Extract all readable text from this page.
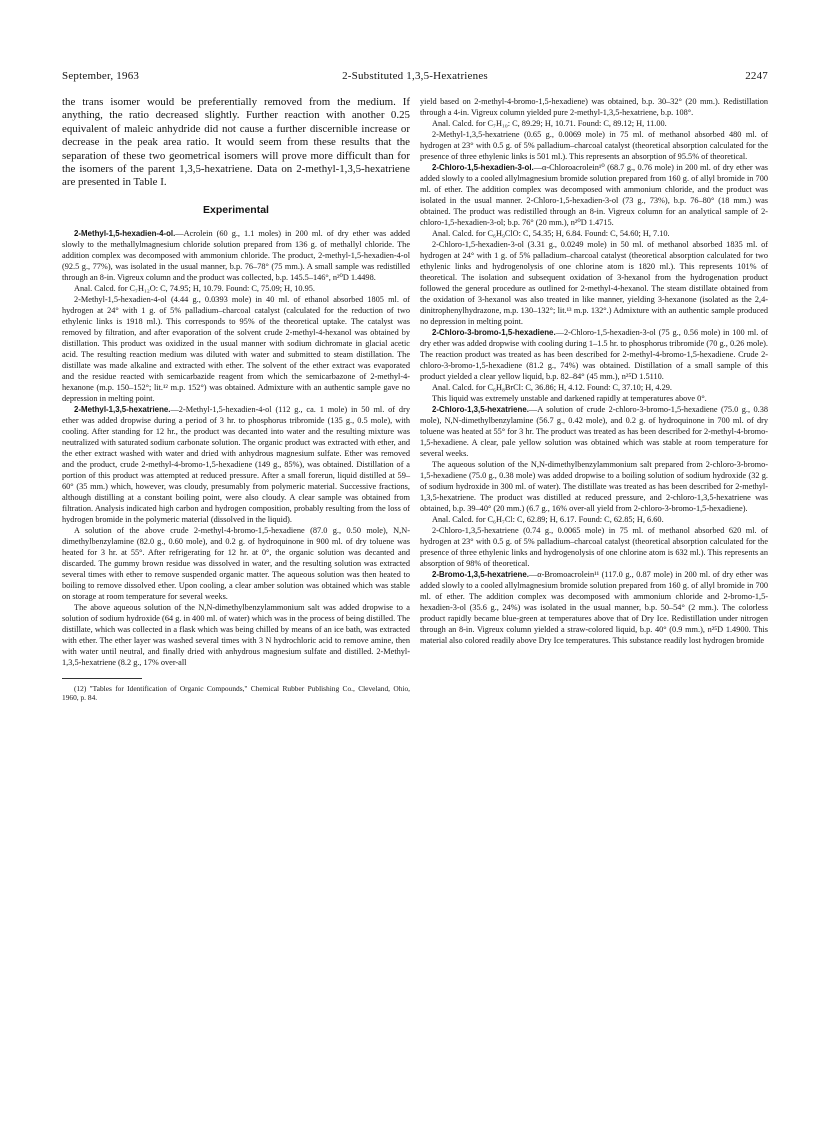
September, 1963	2-Substituted 1,3,5-Hexatrienes	2247

the trans isomer would be preferentially removed from the medium. If anything, the ratio decreased slightly. Further reaction with another 0.25 equivalent of maleic anhydride did not cause a further discernible increase or decrease in the peak area ratio. It would seem from these results that the separation of these two geometrical isomers will prove more difficult than for the isomers of the parent 1,3,5-hexatriene. Data on 2-methyl-1,3,5-hexatriene are presented in Table I.

Experimental

2-Methyl-1,5-hexadien-4-ol.—Acrolein (60 g., 1.1 moles) in 200 ml. of dry ether was added slowly to the methallylmagnesium chloride solution prepared from 136 g. of methallyl chloride. The addition complex was decomposed with ammonium chloride. The product, 2-methyl-1,5-hexadien-4-ol (92.5 g., 77%), was isolated in the usual manner, b.p. 76–78° (75 mm.). A small sample was redistilled through an 8-in. Vigreux column and the product was collected, b.p. 145.5–146°, n²⁰D 1.4498.

Anal. Calcd. for C₇H₁₂O: C, 74.95; H, 10.79. Found: C, 75.09; H, 10.95.

2-Methyl-1,5-hexadien-4-ol (4.44 g., 0.0393 mole) in 40 ml. of ethanol absorbed 1805 ml. of hydrogen at 24° with 1 g. of 5% palladium–charcoal catalyst (calculated for the reduction of two ethylenic links is 1918 ml.). This corresponds to 95% of the theoretical uptake. The catalyst was removed by filtration, and after evaporation of the solvent crude 2-methyl-4-hexanol was obtained by distillation. This product was oxidized in the usual manner with sodium dichromate in glacial acetic acid. The resulting reaction medium was diluted with water and submitted to steam distillation. The distillate was made alkaline and extracted with ether. The solvent of the ether extract was evaporated and the residue reacted with semicarbazide reagent from which the semicarbazone of 2-methyl-4-hexanone (m.p. 150–152°; lit.¹² m.p. 152°) was obtained. Admixture with an authentic sample gave no depression in melting point.

2-Methyl-1,3,5-hexatriene.—2-Methyl-1,5-hexadien-4-ol (112 g., ca. 1 mole) in 50 ml. of dry ether was added dropwise during a period of 3 hr. to phosphorus tribromide (135 g., 0.5 mole), with cooling. After standing for 12 hr., the product was decanted into water and the resulting mixture was neutralized with saturated sodium carbonate solution. The organic product was extracted with ether, and the ether extract washed with water and dried with anhydrous magnesium sulfate. Ether was removed and the product, crude 2-methyl-4-bromo-1,5-hexadiene (149 g., 85%), was obtained. Distillation of a portion of this product was attempted at reduced pressure. After a small forerun, liquid distilled at 59–60° (35 mm.) which, however, was cloudy, presumably from polymeric material. Successive fractions, although distilling at a constant boiling point, were also cloudy. A clear sample was obtained from filtration. Analysis indicated high carbon and hydrogen composition, probably resulting from the loss of hydrogen bromide in the polymeric material (dissolved in the liquid).

A solution of the above crude 2-methyl-4-bromo-1,5-hexadiene (87.0 g., 0.50 mole), N,N-dimethylbenzylamine (82.0 g., 0.60 mole), and 0.2 g. of hydroquinone in 900 ml. of dry toluene was heated for 3 hr. at 55°. After refrigerating for 12 hr. at 0°, the organic solution was decanted and discarded. The gummy brown residue was dissolved in water, and the resulting solution was extracted several times with ether to remove suspended organic matter. The aqueous solution was then heated to boiling to remove dissolved ether. Upon cooling, a clear amber solution was obtained which was stable on storage at room temperature for several weeks.

The above aqueous solution of the N,N-dimethylbenzylammonium salt was added dropwise to a solution of sodium hydroxide (64 g. in 400 ml. of water) which was in the process of being distilled. The distillate, which was collected in a flask which was being chilled by means of an ice bath, was extracted with ether. The ether layer was washed several times with 3 N hydrochloric acid to remove amine, then with water until neutral, and finally dried with anhydrous magnesium sulfate and distilled. 2-Methyl-1,3,5-hexatriene (8.2 g., 17% over-all

(12) "Tables for Identification of Organic Compounds," Chemical Rubber Publishing Co., Cleveland, Ohio, 1960, p. 84.

yield based on 2-methyl-4-bromo-1,5-hexadiene) was obtained, b.p. 30–32° (20 mm.). Redistillation through a 4-in. Vigreux column yielded pure 2-methyl-1,3,5-hexatriene, b.p. 108°.

Anal. Calcd. for C₇H₁₀: C, 89.29; H, 10.71. Found: C, 89.12; H, 11.00.

2-Methyl-1,3,5-hexatriene (0.65 g., 0.0069 mole) in 75 ml. of methanol absorbed 480 ml. of hydrogen at 23° with 0.5 g. of 5% palladium–charcoal catalyst (theoretical absorption calculated for the presence of three ethylenic links is 501 ml.). This represents an absorption of 95.5% of theoretical.

2-Chloro-1,5-hexadien-3-ol.—α-Chloroacrolein¹⁰ (68.7 g., 0.76 mole) in 200 ml. of dry ether was added slowly to a cooled allylmagnesium bromide solution prepared from 160 g. of allyl bromide in 700 ml. of ether. The addition complex was decomposed with ammonium chloride, and the product was isolated in the usual manner. 2-Chloro-1,5-hexadien-3-ol (73 g., 73%), b.p. 76–80° (18 mm.) was obtained. The product was redistilled through an 8-in. Vigreux column for an analytical sample of 2-chloro-1,5-hexadien-3-ol; b.p. 76° (20 mm.), n²⁰D 1.4715.

Anal. Calcd. for C₆H₉ClO: C, 54.35; H, 6.84. Found: C, 54.60; H, 7.10.

2-Chloro-1,5-hexadien-3-ol (3.31 g., 0.0249 mole) in 50 ml. of methanol absorbed 1835 ml. of hydrogen at 24° with 1 g. of 5% palladium–charcoal catalyst (theoretical absorption calculated for two ethylenic links and hydrogenolysis of one chlorine atom is 1820 ml.). This represents 101% of theoretical. The isolation and subsequent oxidation of 3-hexanol from the hydrogenation product followed the general procedure as outlined for 2-methyl-4-hexanol. The steam distillate obtained from the oxidation of 3-hexanol was also treated in like manner, yielding 3-hexanone (isolated as the 2,4-dinitrophenylhydrazone, m.p. 130–132°; lit.¹³ m.p. 132°.) Admixture with an authentic sample produced no depression in melting point.

2-Chloro-3-bromo-1,5-hexadiene.—2-Chloro-1,5-hexadien-3-ol (75 g., 0.56 mole) in 100 ml. of dry ether was added dropwise with cooling during 1–1.5 hr. to phosphorus tribromide (70 g., 0.26 mole). The reaction product was treated as has been described for 2-methyl-4-bromo-1,5-hexadiene. Crude 2-chloro-3-bromo-1,5-hexadiene (81.2 g., 74%) was obtained. Distillation of a small sample of this product yielded a clear yellow liquid, b.p. 82–84° (45 mm.), n²⁵D 1.5110.

Anal. Calcd. for C₆H₈BrCl: C, 36.86; H, 4.12. Found: C, 37.10; H, 4.29.

This liquid was extremely unstable and darkened rapidly at temperatures above 0°.

2-Chloro-1,3,5-hexatriene.—A solution of crude 2-chloro-3-bromo-1,5-hexadiene (75.0 g., 0.38 mole), N,N-dimethylbenzylamine (56.7 g., 0.42 mole), and 0.2 g. of hydroquinone in 700 ml. of dry toluene was heated at 55° for 3 hr. The product was treated as has been described for 2-methyl-4-bromo-1,5-hexadiene. A clear, pale yellow solution was obtained which was stable at room temperature for several weeks.

The aqueous solution of the N,N-dimethylbenzylammonium salt prepared from 2-chloro-3-bromo-1,5-hexadiene (75.0 g., 0.38 mole) was added dropwise to a boiling solution of sodium hydroxide (32 g. of sodium hydroxide in 300 ml. of water). The distillate was treated as has been described for 2-methyl-1,3,5-hexatriene. The product was distilled at reduced pressure, and 2-chloro-1,3,5-hexatriene was obtained, b.p. 39–40° (20 mm.) (6.7 g., 16% over-all yield from 2-chloro-3-bromo-1,5-hexadiene).

Anal. Calcd. for C₆H₇Cl: C, 62.89; H, 6.17. Found: C, 62.85; H, 6.60.

2-Chloro-1,3,5-hexatriene (0.74 g., 0.0065 mole) in 75 ml. of methanol absorbed 620 ml. of hydrogen at 23° with 0.5 g. of 5% palladium–charcoal catalyst (theoretical absorption calculated for the presence of three ethylenic links and hydrogenolysis of one chlorine atom is 632 ml.). This represents an absorption of 98% of theoretical.

2-Bromo-1,3,5-hexatriene.—α-Bromoacrolein¹¹ (117.0 g., 0.87 mole) in 200 ml. of dry ether was added slowly to a cooled allylmagnesium bromide solution prepared from 160 g. of allyl bromide in 700 ml. of ether. The addition complex was decomposed with ammonium chloride and 2-bromo-1,5-hexadien-3-ol (35.6 g., 24%) was isolated in the usual manner, b.p. 50–54° (2 mm.). The colorless product rapidly became blue-green at temperatures above that of Dry Ice. Redistillation under nitrogen through an 8-in. Vigreux column yielded a straw-colored liquid, b.p. 40° (0.9 mm.), n²⁵D 1.4900. This material also colored readily above Dry Ice temperatures. This substance readily lost hydrogen bromide
